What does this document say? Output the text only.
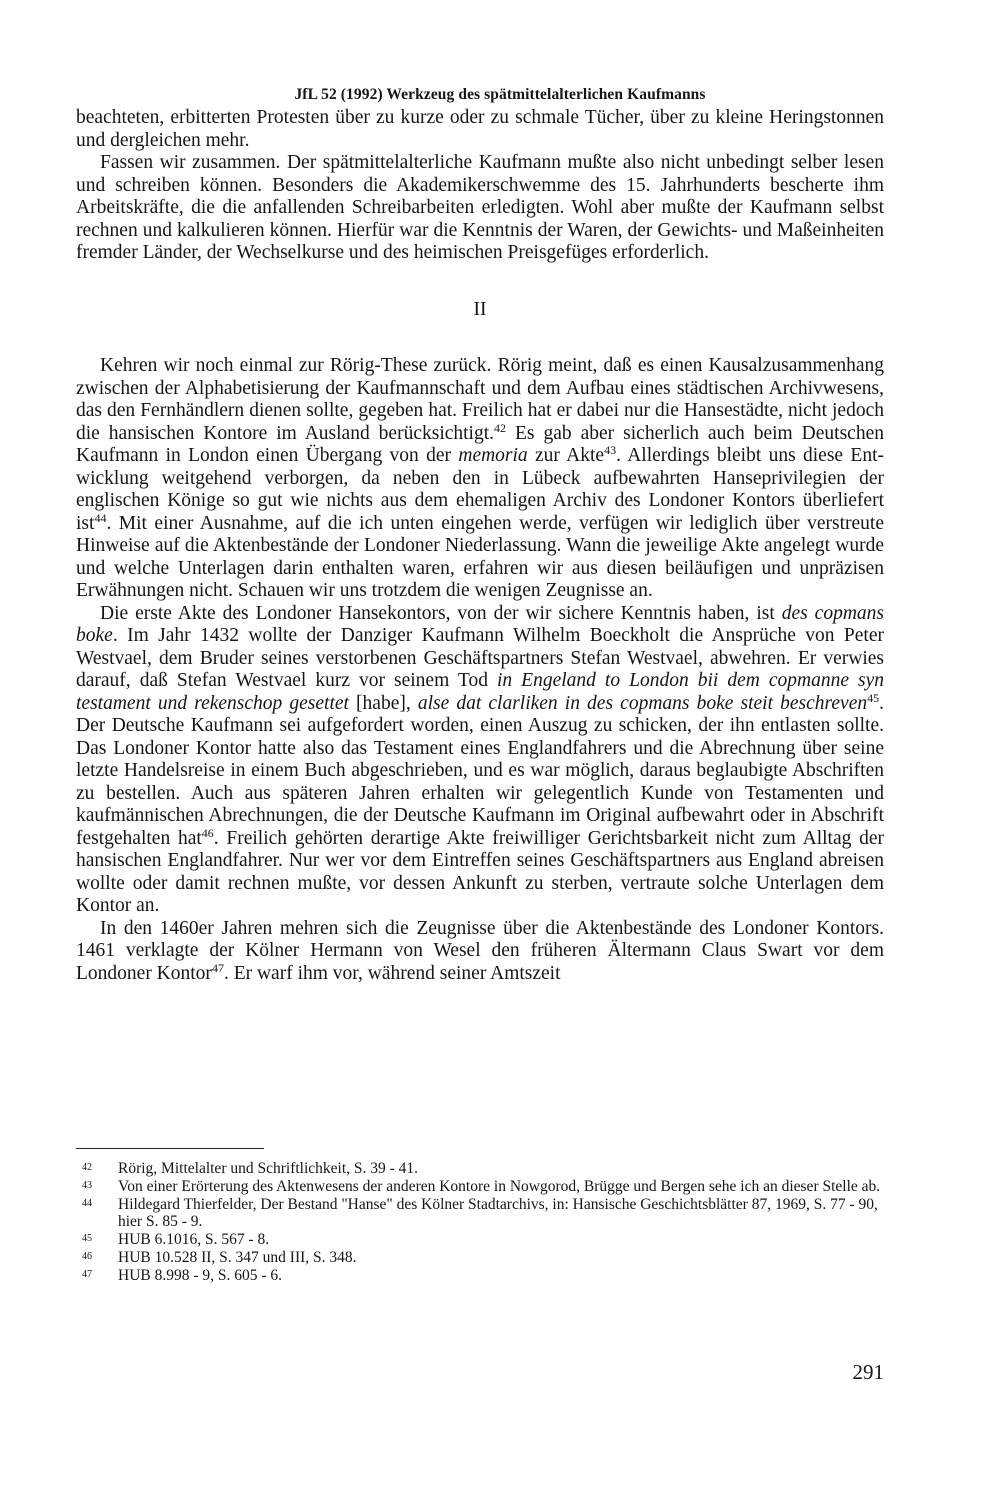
JfL 52 (1992) Werkzeug des spätmittelalterlichen Kaufmanns

beachteten, erbitterten Protesten über zu kurze oder zu schmale Tücher, über zu kleine Heringstonnen und dergleichen mehr.

Fassen wir zusammen. Der spätmittelalterliche Kaufmann mußte also nicht unbedingt selber lesen und schreiben können. Besonders die Akademikerschwemme des 15. Jahrhunderts bescherte ihm Arbeitskräfte, die die anfallenden Schreibarbeiten erledigten. Wohl aber mußte der Kaufmann selbst rechnen und kalkulieren können. Hierfür war die Kenntnis der Waren, der Gewichts- und Maßeinheiten fremder Länder, der Wechselkurse und des heimischen Preisgefüges erforderlich.

II

Kehren wir noch einmal zur Rörig-These zurück. Rörig meint, daß es einen Kausalzusammenhang zwischen der Alphabetisierung der Kaufmannschaft und dem Aufbau eines städtischen Archivwesens, das den Fernhändlern dienen sollte, gegeben hat. Freilich hat er dabei nur die Hansestädte, nicht jedoch die hansischen Kontore im Ausland berücksichtigt.$^{42}$ Es gab aber sicherlich auch beim Deutschen Kaufmann in London einen Übergang von der memoria zur Akte$^{43}$. Allerdings bleibt uns diese Entwicklung weitgehend verborgen, da neben den in Lübeck aufbewahrten Hanseprivilegien der englischen Könige so gut wie nichts aus dem ehemaligen Archiv des Londoner Kontors überliefert ist$^{44}$. Mit einer Ausnahme, auf die ich unten eingehen werde, verfügen wir lediglich über verstreute Hinweise auf die Aktenbestände der Londoner Niederlassung. Wann die jeweilige Akte angelegt wurde und welche Unterlagen darin enthalten waren, erfahren wir aus diesen beiläufigen und unpräzisen Erwähnungen nicht. Schauen wir uns trotzdem die wenigen Zeugnisse an.

Die erste Akte des Londoner Hansekontors, von der wir sichere Kenntnis haben, ist des copmans boke. Im Jahr 1432 wollte der Danziger Kaufmann Wilhelm Boeckholt die Ansprüche von Peter Westvael, dem Bruder seines verstorbenen Geschäftspartners Stefan Westvael, abwehren. Er verwies darauf, daß Stefan Westvael kurz vor seinem Tod in Engeland to London bii dem copmanne syn testament und rekenschop gesettet [habe], alse dat clarliken in des copmans boke steit beschreven$^{45}$. Der Deutsche Kaufmann sei aufgefordert worden, einen Auszug zu schicken, der ihn entlasten sollte. Das Londoner Kontor hatte also das Testament eines Englandfahrers und die Abrechnung über seine letzte Handelsreise in einem Buch abgeschrieben, und es war möglich, daraus beglaubigte Abschriften zu bestellen. Auch aus späteren Jahren erhalten wir gelegentlich Kunde von Testamenten und kaufmännischen Abrechnungen, die der Deutsche Kaufmann im Original aufbewahrt oder in Abschrift festgehalten hat$^{46}$. Freilich gehörten derartige Akte freiwilliger Gerichtsbarkeit nicht zum Alltag der hansischen Englandfahrer. Nur wer vor dem Eintreffen seines Geschäftspartners aus England abreisen wollte oder damit rechnen mußte, vor dessen Ankunft zu sterben, vertraute solche Unterlagen dem Kontor an.

In den 1460er Jahren mehren sich die Zeugnisse über die Aktenbestände des Londoner Kontors. 1461 verklagte der Kölner Hermann von Wesel den früheren Ältermann Claus Swart vor dem Londoner Kontor$^{47}$. Er warf ihm vor, während seiner Amtszeit

42	Rörig, Mittelalter und Schriftlichkeit, S. 39 - 41.
43	Von einer Erörterung des Aktenwesens der anderen Kontore in Nowgorod, Brügge und Bergen sehe ich an dieser Stelle ab.
44	Hildegard Thierfelder, Der Bestand "Hanse" des Kölner Stadtarchivs, in: Hansische Geschichtsblätter 87, 1969, S. 77 - 90, hier S. 85 - 9.
45	HUB 6.1016, S. 567 - 8.
46	HUB 10.528 II, S. 347 und III, S. 348.
47	HUB 8.998 - 9, S. 605 - 6.
291
